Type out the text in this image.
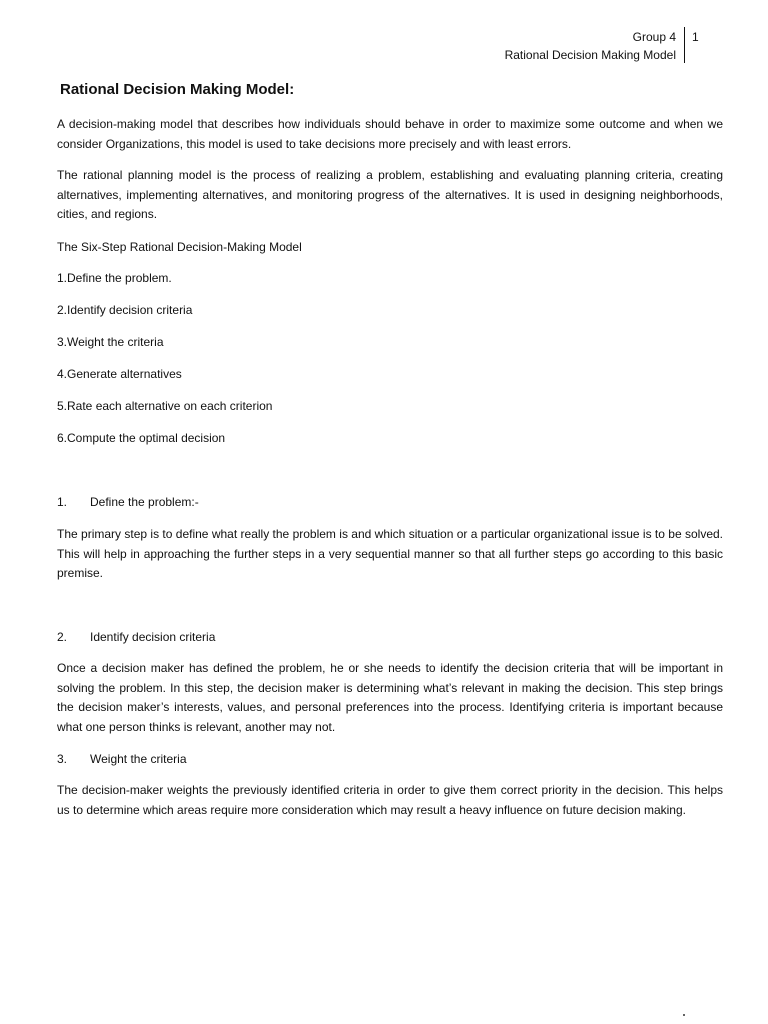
Group 4
Rational Decision Making Model
1
Rational Decision Making Model:

A decision-making model that describes how individuals should behave in order to maximize some outcome and when we consider Organizations, this model is used to take decisions more precisely and with least errors.

The rational planning model is the process of realizing a problem, establishing and evaluating planning criteria, creating alternatives, implementing alternatives, and monitoring progress of the alternatives. It is used in designing neighborhoods, cities, and regions.

The Six-Step Rational Decision-Making Model
1.Define the problem.
2.Identify decision criteria
3.Weight the criteria
4.Generate alternatives
5.Rate each alternative on each criterion
6.Compute the optimal decision
1. Define the problem:-

The primary step is to define what really the problem is and which situation or a particular organizational issue is to be solved. This will help in approaching the further steps in a very sequential manner so that all further steps go according to this basic premise.

2. Identify decision criteria

Once a decision maker has defined the problem, he or she needs to identify the decision criteria that will be important in solving the problem. In this step, the decision maker is determining what’s relevant in making the decision. This step brings the decision maker’s interests, values, and personal preferences into the process. Identifying criteria is important because what one person thinks is relevant, another may not.

3. Weight the criteria

The decision-maker weights the previously identified criteria in order to give them correct priority in the decision. This helps us to determine which areas require more consideration which may result a heavy influence on future decision making.
